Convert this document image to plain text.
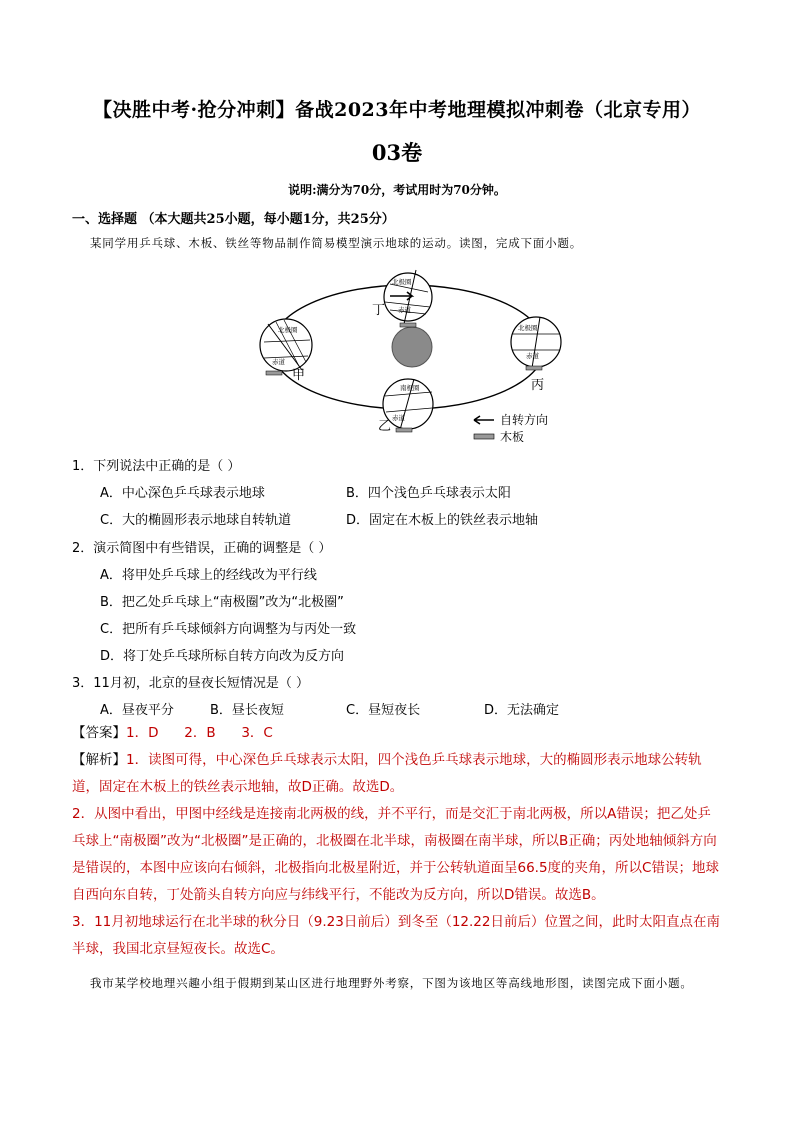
【决胜中考·抢分冲刺】备战2023年中考地理模拟冲刺卷（北京专用）
03卷
说明:满分为70分，考试用时为70分钟。
一、选择题 （本大题共25小题，每小题1分，共25分）
某同学用乒乓球、木板、铁丝等物品制作简易模型演示地球的运动。读图，完成下面小题。
北极圈
赤道
丁
北极圈
赤道
甲
北极圈
赤道
丙
南极圈
赤道
乙	自转方向
木板
1．下列说法中正确的是（ ）
A．中心深色乒乓球表示地球	B．四个浅色乒乓球表示太阳
C．大的椭圆形表示地球自转轨道	D．固定在木板上的铁丝表示地轴
2．演示简图中有些错误，正确的调整是（ ）
A．将甲处乒乓球上的经线改为平行线
B．把乙处乒乓球上“南极圈”改为“北极圈”
C．把所有乒乓球倾斜方向调整为与丙处一致
D．将丁处乒乓球所标自转方向改为反方向
3．11月初，北京的昼夜长短情况是（ ）
A．昼夜平分	B．昼长夜短	C．昼短夜长	D．无法确定
【答案】1．D      2．B      3．C
【解析】1．读图可得，中心深色乒乓球表示太阳，四个浅色乒乓球表示地球，大的椭圆形表示地球公转轨道，固定在木板上的铁丝表示地轴，故D正确。故选D。
2．从图中看出，甲图中经线是连接南北两极的线，并不平行，而是交汇于南北两极，所以A错误；把乙处乒乓球上“南极圈”改为“北极圈”是正确的，北极圈在北半球，南极圈在南半球，所以B正确；丙处地轴倾斜方向是错误的，本图中应该向右倾斜，北极指向北极星附近，并于公转轨道面呈66.5度的夹角，所以C错误；地球自西向东自转，丁处箭头自转方向应与纬线平行，不能改为反方向，所以D错误。故选B。
3．11月初地球运行在北半球的秋分日（9.23日前后）到冬至（12.22日前后）位置之间，此时太阳直点在南半球，我国北京昼短夜长。故选C。
我市某学校地理兴趣小组于假期到某山区进行地理野外考察，下图为该地区等高线地形图，读图完成下面小题。
